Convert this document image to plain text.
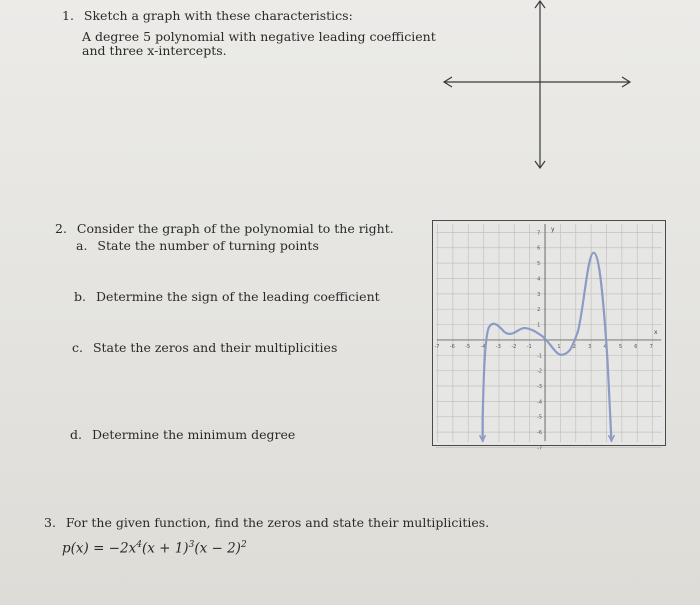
1. Sketch a graph with these characteristics:
A degree 5 polynomial with negative leading coefficient
and three x-intercepts.
2. Consider the graph of the polynomial to the right.
a. State the number of turning points
b. Determine the sign of the leading coefficient
c. State the zeros and their multiplicities
d. Determine the minimum degree
-7 -6 -5 -4 -3 -2 -1	1 2 3 4 5 6 7
7
6
5
4
3
2
1
-1
-2
-3
-4
-5
-6
-7
y
x
3. For the given function, find the zeros and state their multiplicities.
$p(x) = -2x^4(x + 1)^3(x - 2)^2$
